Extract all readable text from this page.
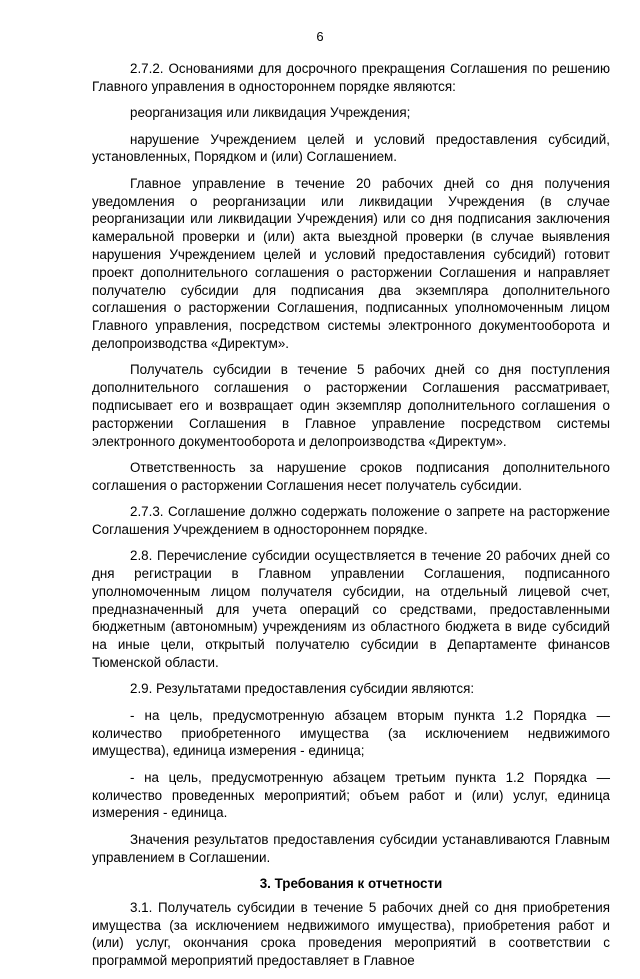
6

2.7.2. Основаниями для досрочного прекращения Соглашения по решению Главного управления в одностороннем порядке являются:

реорганизация или ликвидация Учреждения;

нарушение Учреждением целей и условий предоставления субсидий, установленных, Порядком и (или) Соглашением.

Главное управление в течение 20 рабочих дней со дня получения уведомления о реорганизации или ликвидации Учреждения (в случае реорганизации или ликвидации Учреждения) или со дня подписания заключения камеральной проверки и (или) акта выездной проверки (в случае выявления нарушения Учреждением целей и условий предоставления субсидий) готовит проект дополнительного соглашения о расторжении Соглашения и направляет получателю субсидии для подписания два экземпляра дополнительного соглашения о расторжении Соглашения, подписанных уполномоченным лицом Главного управления, посредством системы электронного документооборота и делопроизводства «Директум».

Получатель субсидии в течение 5 рабочих дней со дня поступления дополнительного соглашения о расторжении Соглашения рассматривает, подписывает его и возвращает один экземпляр дополнительного соглашения о расторжении Соглашения в Главное управление посредством системы электронного документооборота и делопроизводства «Директум».

Ответственность за нарушение сроков подписания дополнительного соглашения о расторжении Соглашения несет получатель субсидии.

2.7.3. Соглашение должно содержать положение о запрете на расторжение Соглашения Учреждением в одностороннем порядке.

2.8. Перечисление субсидии осуществляется в течение 20 рабочих дней со дня регистрации в Главном управлении Соглашения, подписанного уполномоченным лицом получателя субсидии, на отдельный лицевой счет, предназначенный для учета операций со средствами, предоставленными бюджетным (автономным) учреждениям из областного бюджета в виде субсидий на иные цели, открытый получателю субсидии в Департаменте финансов Тюменской области.

2.9. Результатами предоставления субсидии являются:

- на цель, предусмотренную абзацем вторым пункта 1.2 Порядка — количество приобретенного имущества (за исключением недвижимого имущества), единица измерения - единица;

- на цель, предусмотренную абзацем третьим пункта 1.2 Порядка — количество проведенных мероприятий; объем работ и (или) услуг, единица измерения - единица.

Значения результатов предоставления субсидии устанавливаются Главным управлением в Соглашении.

3. Требования к отчетности

3.1. Получатель субсидии в течение 5 рабочих дней со дня приобретения имущества (за исключением недвижимого имущества), приобретения работ и (или) услуг, окончания срока проведения мероприятий в соответствии с программой мероприятий предоставляет в Главное
